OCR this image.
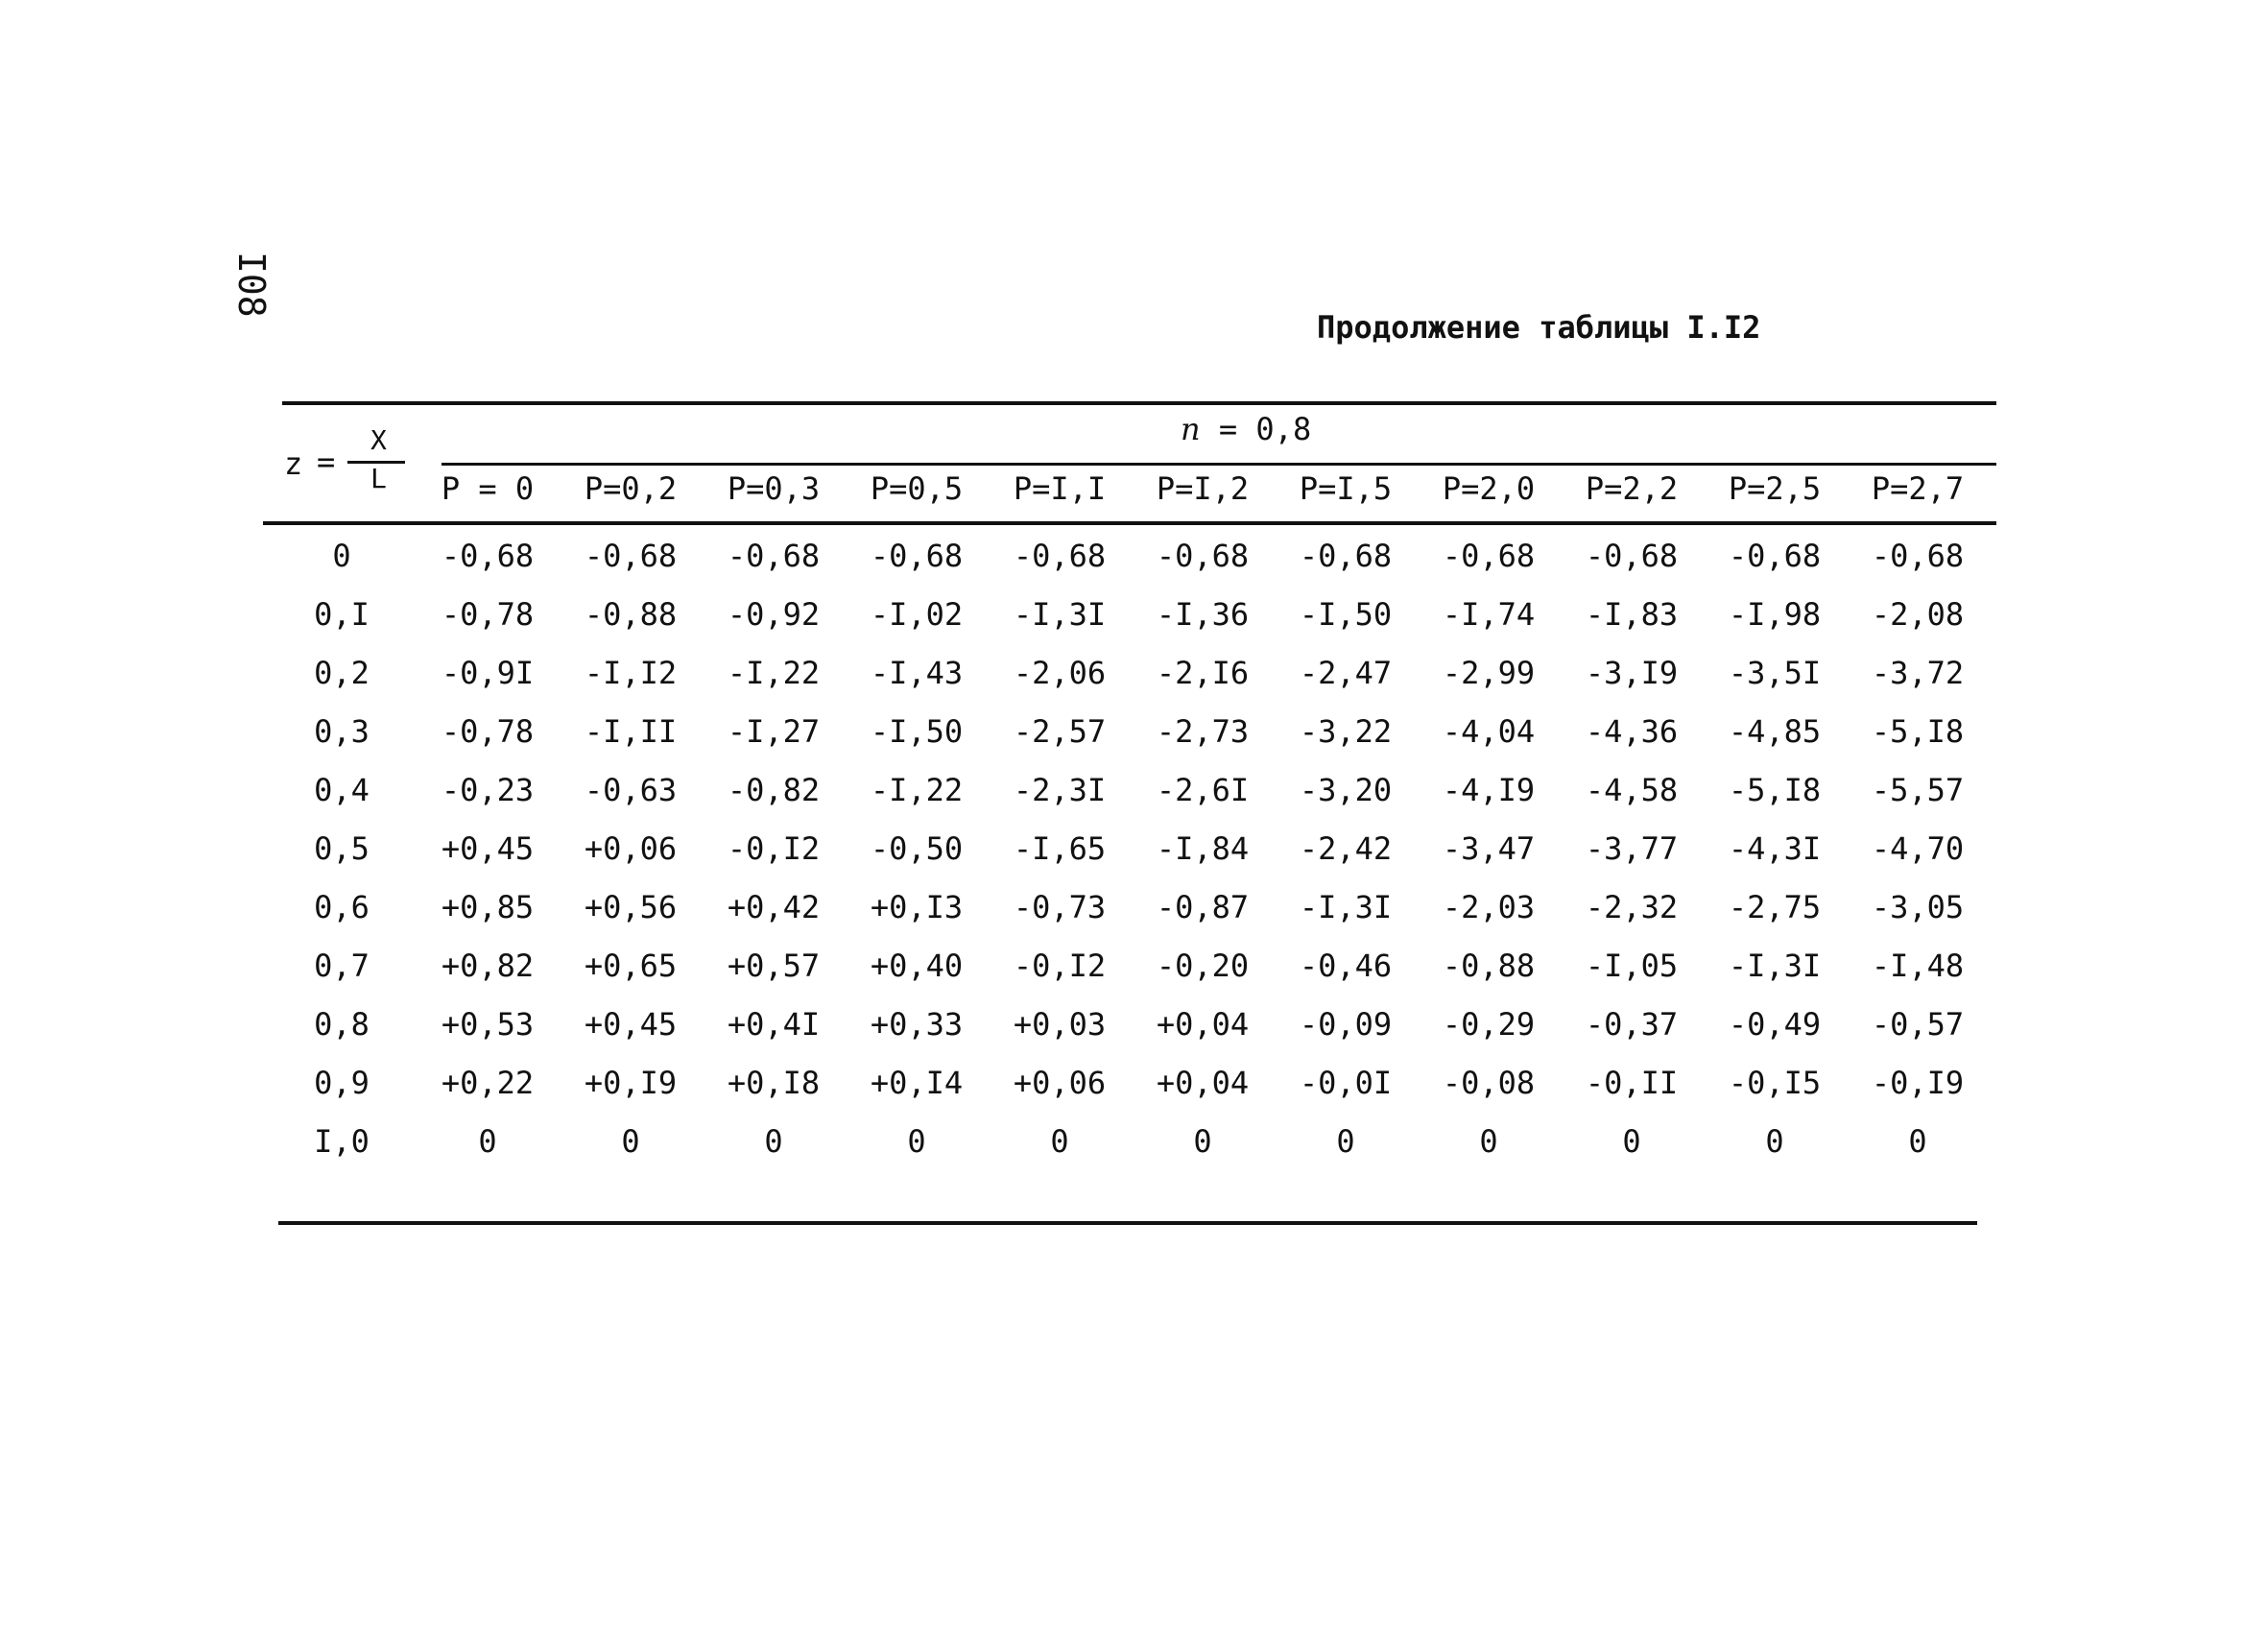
I08
Продолжение таблицы I.I2
z =
X
L
n = 0,8
P = 0	P=0,2	P=0,3	P=0,5	P=I,I	P=I,2	P=I,5	P=2,0	P=2,2	P=2,5	P=2,7
0	-0,68	-0,68	-0,68	-0,68	-0,68	-0,68	-0,68	-0,68	-0,68	-0,68	-0,68
0,I	-0,78	-0,88	-0,92	-I,02	-I,3I	-I,36	-I,50	-I,74	-I,83	-I,98	-2,08
0,2	-0,9I	-I,I2	-I,22	-I,43	-2,06	-2,I6	-2,47	-2,99	-3,I9	-3,5I	-3,72
0,3	-0,78	-I,II	-I,27	-I,50	-2,57	-2,73	-3,22	-4,04	-4,36	-4,85	-5,I8
0,4	-0,23	-0,63	-0,82	-I,22	-2,3I	-2,6I	-3,20	-4,I9	-4,58	-5,I8	-5,57
0,5	+0,45	+0,06	-0,I2	-0,50	-I,65	-I,84	-2,42	-3,47	-3,77	-4,3I	-4,70
0,6	+0,85	+0,56	+0,42	+0,I3	-0,73	-0,87	-I,3I	-2,03	-2,32	-2,75	-3,05
0,7	+0,82	+0,65	+0,57	+0,40	-0,I2	-0,20	-0,46	-0,88	-I,05	-I,3I	-I,48
0,8	+0,53	+0,45	+0,4I	+0,33	+0,03	+0,04	-0,09	-0,29	-0,37	-0,49	-0,57
0,9	+0,22	+0,I9	+0,I8	+0,I4	+0,06	+0,04	-0,0I	-0,08	-0,II	-0,I5	-0,I9
I,0	0	0	0	0	0	0	0	0	0	0	0
